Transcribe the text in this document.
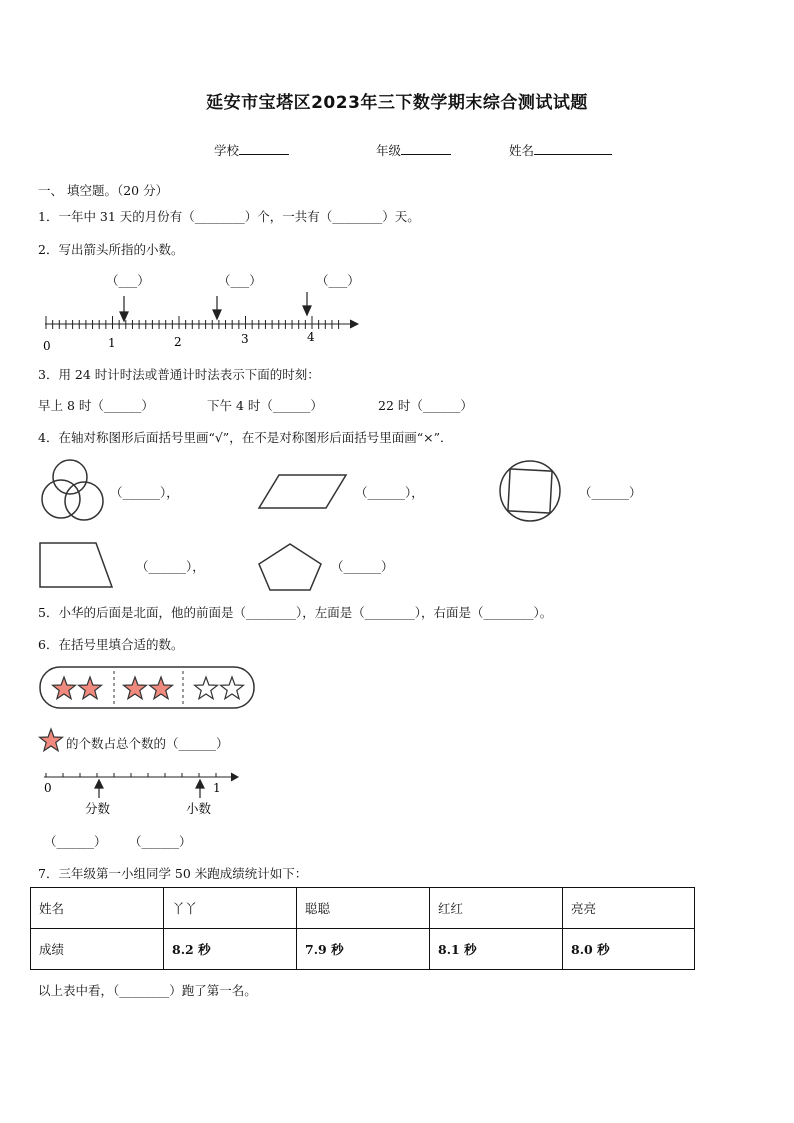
延安市宝塔区2023年三下数学期末综合测试试题
学校	年级	姓名
一、 填空题。（20 分）
1．一年中 31 天的月份有（________）个，一共有（________）天。
2．写出箭头所指的小数。
（___）	（___）	（___）
0	1	2	3	4
3．用 24 时计时法或普通计时法表示下面的时刻：
早上 8 时（______）	下午 4 时（______）	22 时（______）
4．在轴对称图形后面括号里画“√”，在不是对称图形后面括号里面画“×”．
（______），	（______），	（______）
（______），	（______）
5．小华的后面是北面，他的前面是（________），左面是（________），右面是（________）。
6．在括号里填合适的数。
的个数占总个数的（______）
0	1
分数	小数
（______） （______）
7．三年级第一小组同学 50 米跑成绩统计如下：
姓名	丫丫	聪聪	红红	亮亮
成绩	8.2 秒	7.9 秒	8.1 秒	8.0 秒
以上表中看，（________）跑了第一名。
